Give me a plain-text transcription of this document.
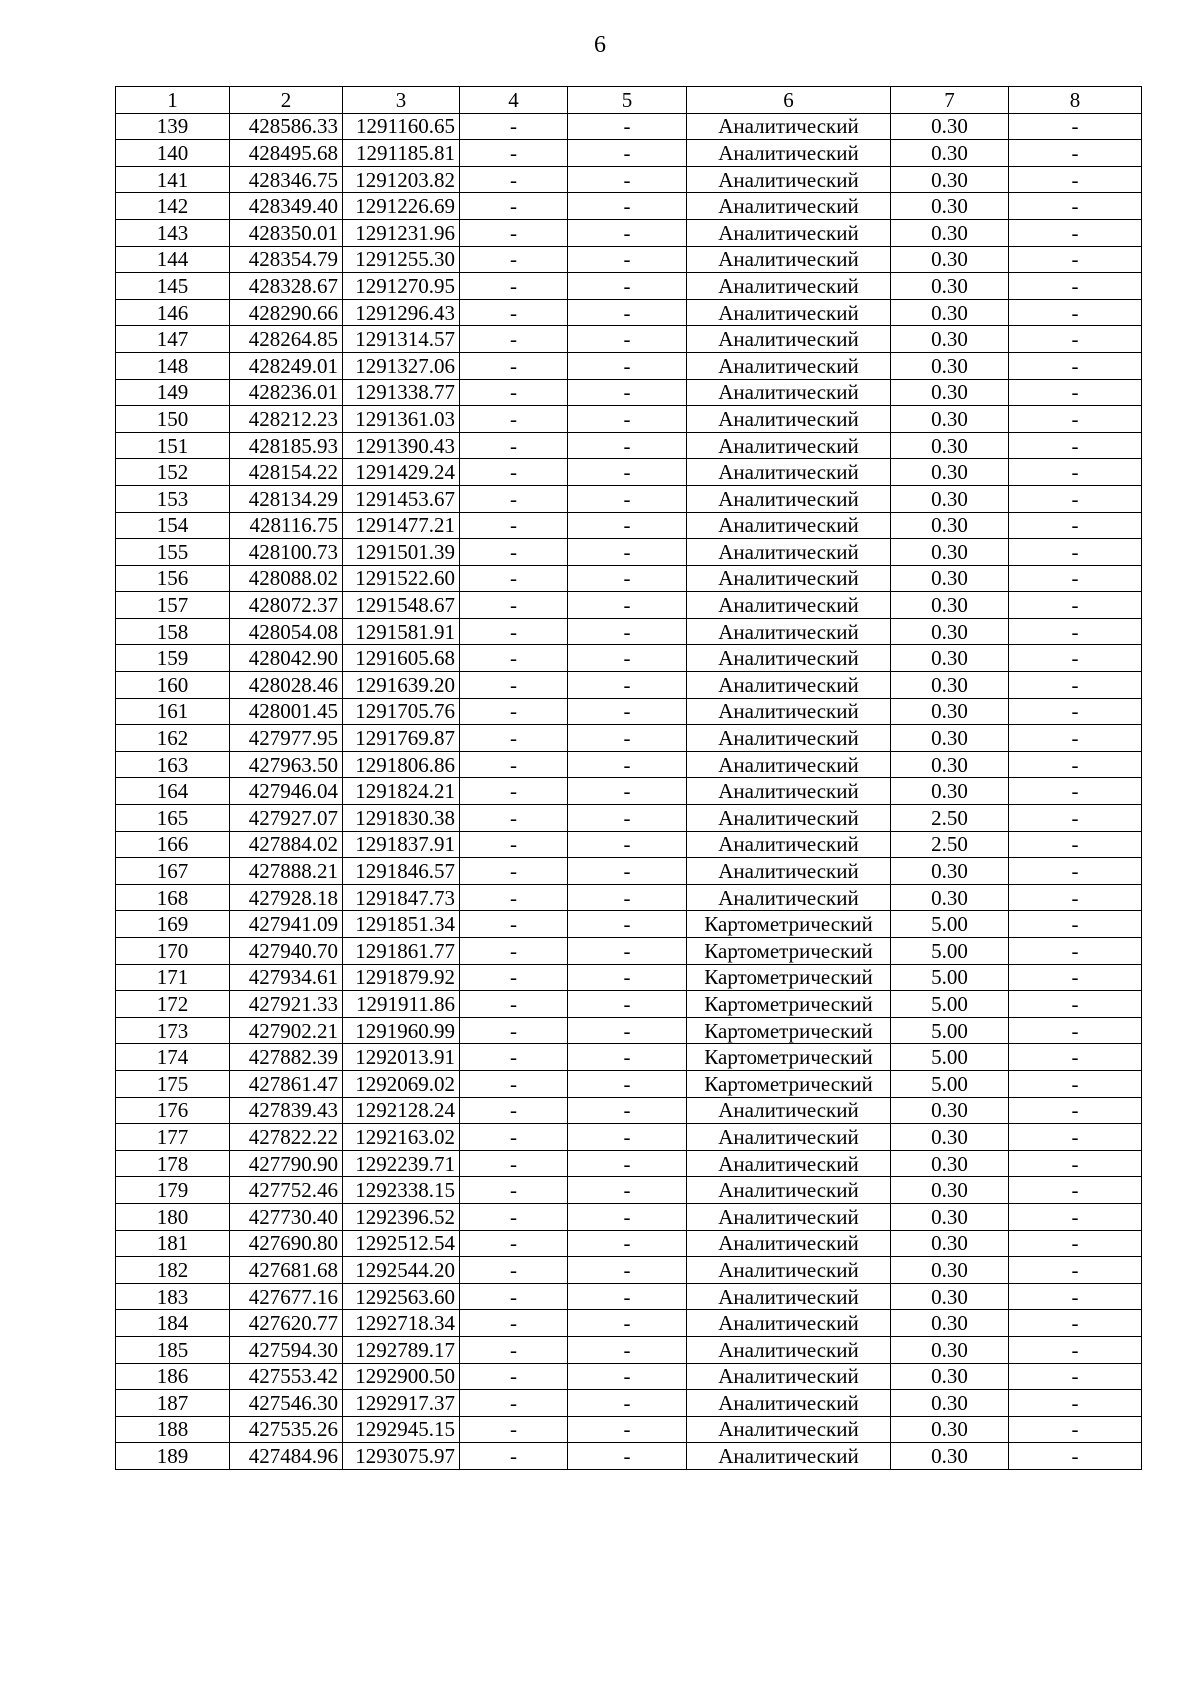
6
1	2	3	4	5	6	7	8
139	428586.33	1291160.65	-	-	Аналитический	0.30	-
140	428495.68	1291185.81	-	-	Аналитический	0.30	-
141	428346.75	1291203.82	-	-	Аналитический	0.30	-
142	428349.40	1291226.69	-	-	Аналитический	0.30	-
143	428350.01	1291231.96	-	-	Аналитический	0.30	-
144	428354.79	1291255.30	-	-	Аналитический	0.30	-
145	428328.67	1291270.95	-	-	Аналитический	0.30	-
146	428290.66	1291296.43	-	-	Аналитический	0.30	-
147	428264.85	1291314.57	-	-	Аналитический	0.30	-
148	428249.01	1291327.06	-	-	Аналитический	0.30	-
149	428236.01	1291338.77	-	-	Аналитический	0.30	-
150	428212.23	1291361.03	-	-	Аналитический	0.30	-
151	428185.93	1291390.43	-	-	Аналитический	0.30	-
152	428154.22	1291429.24	-	-	Аналитический	0.30	-
153	428134.29	1291453.67	-	-	Аналитический	0.30	-
154	428116.75	1291477.21	-	-	Аналитический	0.30	-
155	428100.73	1291501.39	-	-	Аналитический	0.30	-
156	428088.02	1291522.60	-	-	Аналитический	0.30	-
157	428072.37	1291548.67	-	-	Аналитический	0.30	-
158	428054.08	1291581.91	-	-	Аналитический	0.30	-
159	428042.90	1291605.68	-	-	Аналитический	0.30	-
160	428028.46	1291639.20	-	-	Аналитический	0.30	-
161	428001.45	1291705.76	-	-	Аналитический	0.30	-
162	427977.95	1291769.87	-	-	Аналитический	0.30	-
163	427963.50	1291806.86	-	-	Аналитический	0.30	-
164	427946.04	1291824.21	-	-	Аналитический	0.30	-
165	427927.07	1291830.38	-	-	Аналитический	2.50	-
166	427884.02	1291837.91	-	-	Аналитический	2.50	-
167	427888.21	1291846.57	-	-	Аналитический	0.30	-
168	427928.18	1291847.73	-	-	Аналитический	0.30	-
169	427941.09	1291851.34	-	-	Картометрический	5.00	-
170	427940.70	1291861.77	-	-	Картометрический	5.00	-
171	427934.61	1291879.92	-	-	Картометрический	5.00	-
172	427921.33	1291911.86	-	-	Картометрический	5.00	-
173	427902.21	1291960.99	-	-	Картометрический	5.00	-
174	427882.39	1292013.91	-	-	Картометрический	5.00	-
175	427861.47	1292069.02	-	-	Картометрический	5.00	-
176	427839.43	1292128.24	-	-	Аналитический	0.30	-
177	427822.22	1292163.02	-	-	Аналитический	0.30	-
178	427790.90	1292239.71	-	-	Аналитический	0.30	-
179	427752.46	1292338.15	-	-	Аналитический	0.30	-
180	427730.40	1292396.52	-	-	Аналитический	0.30	-
181	427690.80	1292512.54	-	-	Аналитический	0.30	-
182	427681.68	1292544.20	-	-	Аналитический	0.30	-
183	427677.16	1292563.60	-	-	Аналитический	0.30	-
184	427620.77	1292718.34	-	-	Аналитический	0.30	-
185	427594.30	1292789.17	-	-	Аналитический	0.30	-
186	427553.42	1292900.50	-	-	Аналитический	0.30	-
187	427546.30	1292917.37	-	-	Аналитический	0.30	-
188	427535.26	1292945.15	-	-	Аналитический	0.30	-
189	427484.96	1293075.97	-	-	Аналитический	0.30	-
